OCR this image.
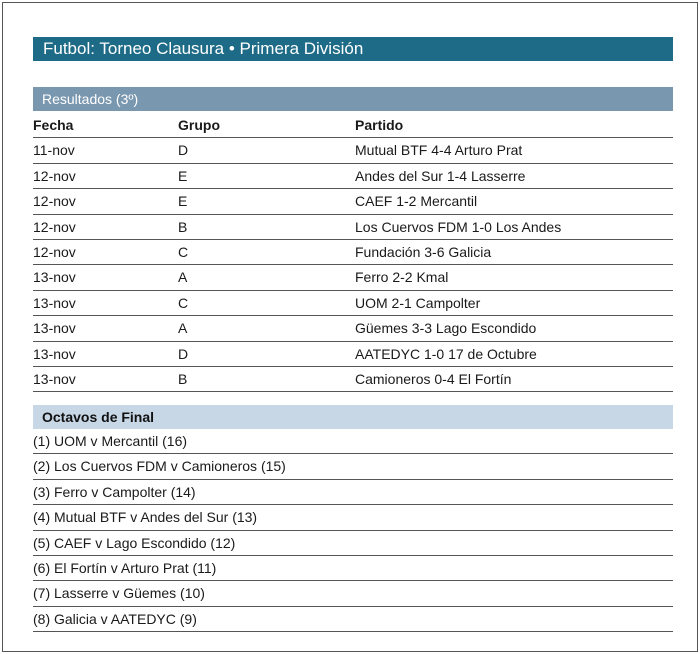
Futbol: Torneo Clausura • Primera División
Resultados (3º)
Fecha	Grupo	Partido
11-nov	D	Mutual BTF 4-4 Arturo Prat
12-nov	E	Andes del Sur 1-4 Lasserre
12-nov	E	CAEF 1-2 Mercantil
12-nov	B	Los Cuervos FDM 1-0 Los Andes
12-nov	C	Fundación 3-6 Galicia
13-nov	A	Ferro 2-2 Kmal
13-nov	C	UOM 2-1 Campolter
13-nov	A	Güemes 3-3 Lago Escondido
13-nov	D	AATEDYC 1-0 17 de Octubre
13-nov	B	Camioneros 0-4 El Fortín
Octavos de Final
(1) UOM v Mercantil (16)
(2) Los Cuervos FDM v Camioneros (15)
(3) Ferro v Campolter (14)
(4) Mutual BTF v Andes del Sur (13)
(5) CAEF v Lago Escondido (12)
(6) El Fortín v Arturo Prat (11)
(7) Lasserre v Güemes (10)
(8) Galicia v AATEDYC (9)
